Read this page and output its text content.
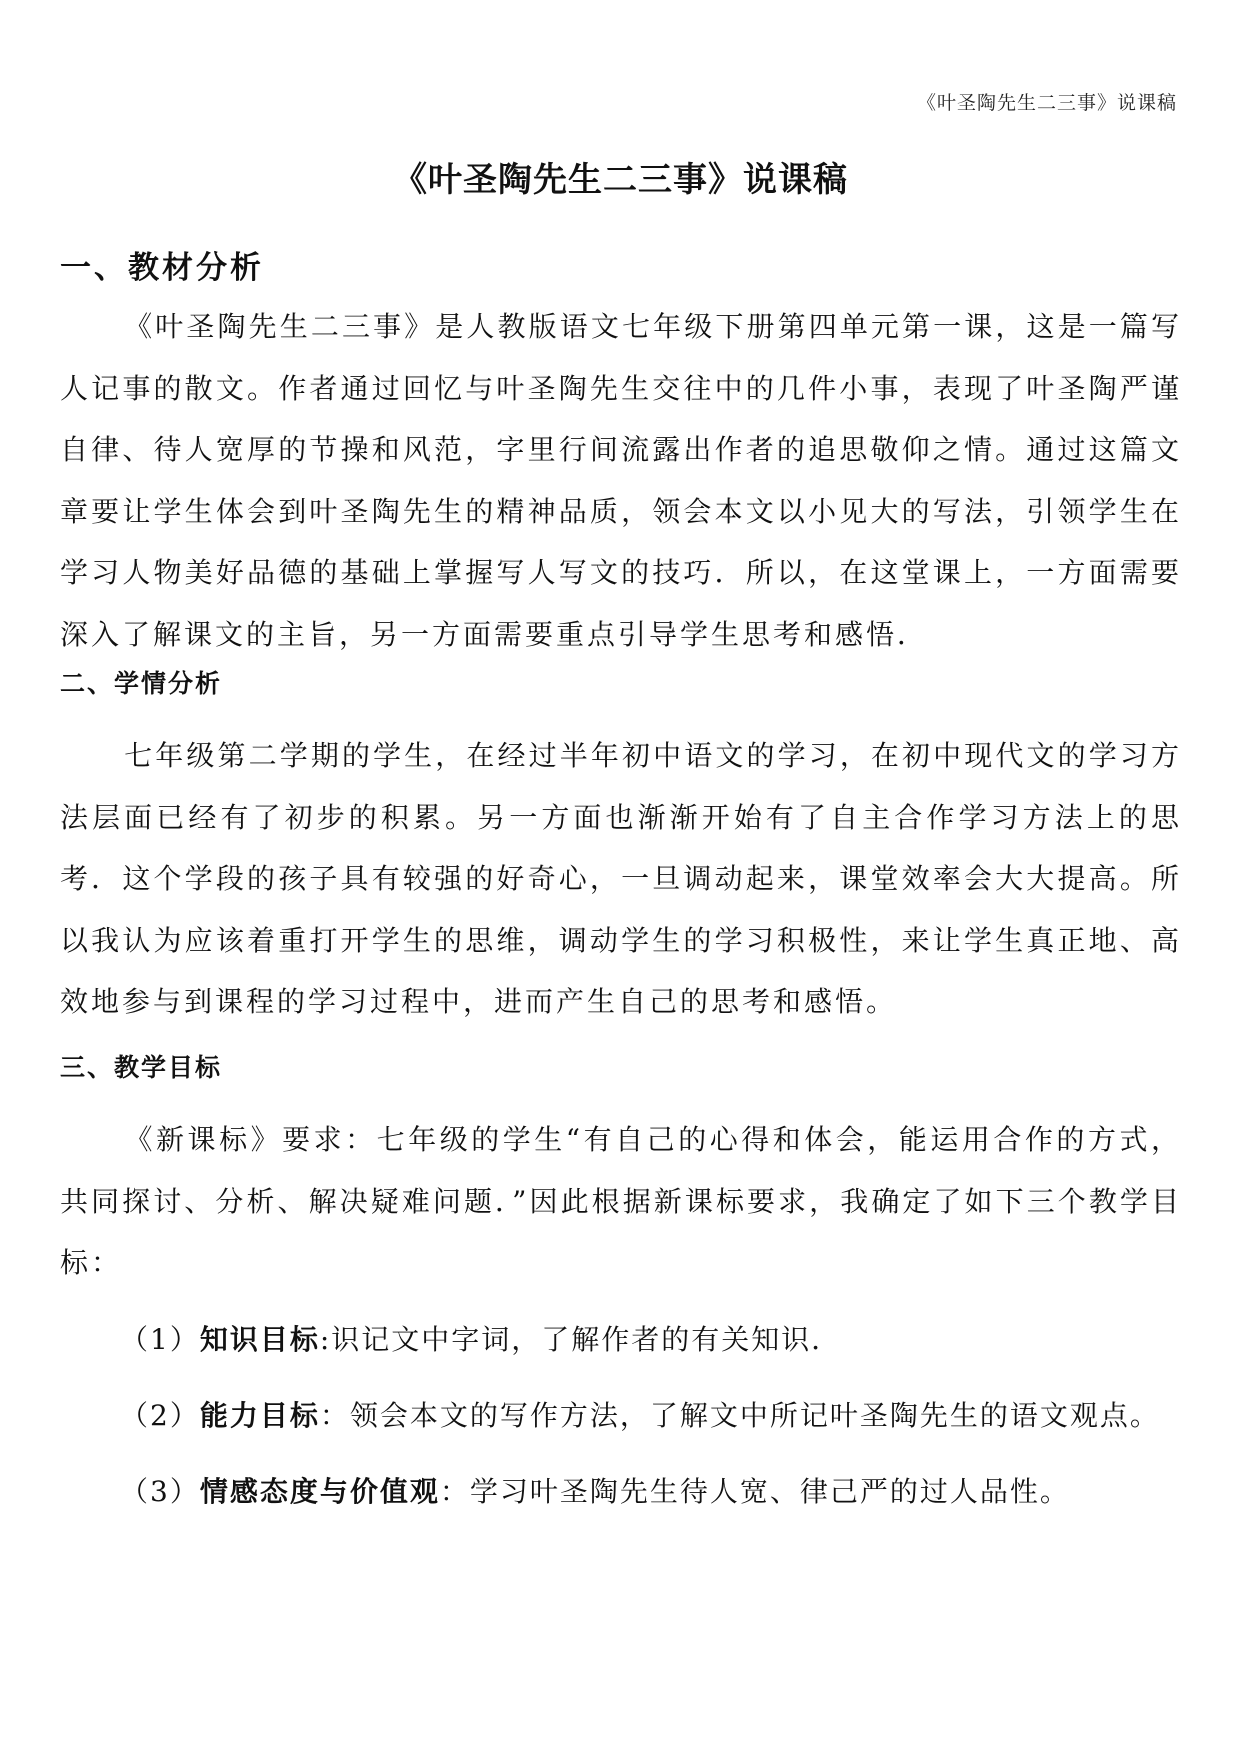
《叶圣陶先生二三事》说课稿
《叶圣陶先生二三事》说课稿
一、教材分析

《叶圣陶先生二三事》是人教版语文七年级下册第四单元第一课，这是一篇写人记事的散文。作者通过回忆与叶圣陶先生交往中的几件小事，表现了叶圣陶严谨自律、待人宽厚的节操和风范，字里行间流露出作者的追思敬仰之情。通过这篇文章要让学生体会到叶圣陶先生的精神品质，领会本文以小见大的写法，引领学生在学习人物美好品德的基础上掌握写人写文的技巧．所以，在这堂课上，一方面需要深入了解课文的主旨，另一方面需要重点引导学生思考和感悟．

二、学情分析

七年级第二学期的学生，在经过半年初中语文的学习，在初中现代文的学习方法层面已经有了初步的积累。另一方面也渐渐开始有了自主合作学习方法上的思考．这个学段的孩子具有较强的好奇心，一旦调动起来，课堂效率会大大提高。所以我认为应该着重打开学生的思维，调动学生的学习积极性，来让学生真正地、高效地参与到课程的学习过程中，进而产生自己的思考和感悟。

三、教学目标

《新课标》要求：七年级的学生“有自己的心得和体会，能运用合作的方式，共同探讨、分析、解决疑难问题．”因此根据新课标要求，我确定了如下三个教学目标：

（1）知识目标:识记文中字词，了解作者的有关知识．
（2）能力目标：领会本文的写作方法，了解文中所记叶圣陶先生的语文观点。
（3）情感态度与价值观：学习叶圣陶先生待人宽、律己严的过人品性。
